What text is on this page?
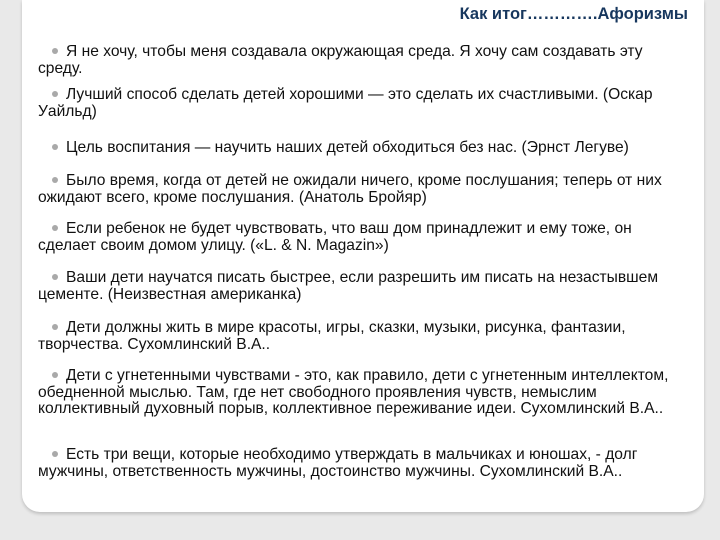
Как итог………….Афоризмы
Я не хочу, чтобы меня создавала окружающая среда. Я хочу сам создавать эту среду.
Лучший способ сделать детей хорошими — это сделать их счастливыми. (Оскар Уайльд)
Цель воспитания — научить наших детей обходиться без нас. (Эрнст Легуве)
Было время, когда от детей не ожидали ничего, кроме послушания; теперь от них ожидают всего, кроме послушания. (Анатоль Бройяр)
Если ребенок не будет чувствовать, что ваш дом принадлежит и ему тоже, он сделает своим домом улицу. («L. & N. Magazin»)
Ваши дети научатся писать быстрее, если разрешить им писать на незастывшем цементе. (Неизвестная американка)
Дети должны жить в мире красоты, игры, сказки, музыки, рисунка, фантазии, творчества. Сухомлинский В.А..
Дети с угнетенными чувствами - это, как правило, дети с угнетенным интеллектом, обедненной мыслью. Там, где нет свободного проявления чувств, немыслим коллективный духовный порыв, коллективное переживание идеи. Сухомлинский В.А..
Есть три вещи, которые необходимо утверждать в мальчиках и юношах, - долг мужчины, ответственность мужчины, достоинство мужчины. Сухомлинский В.А..
